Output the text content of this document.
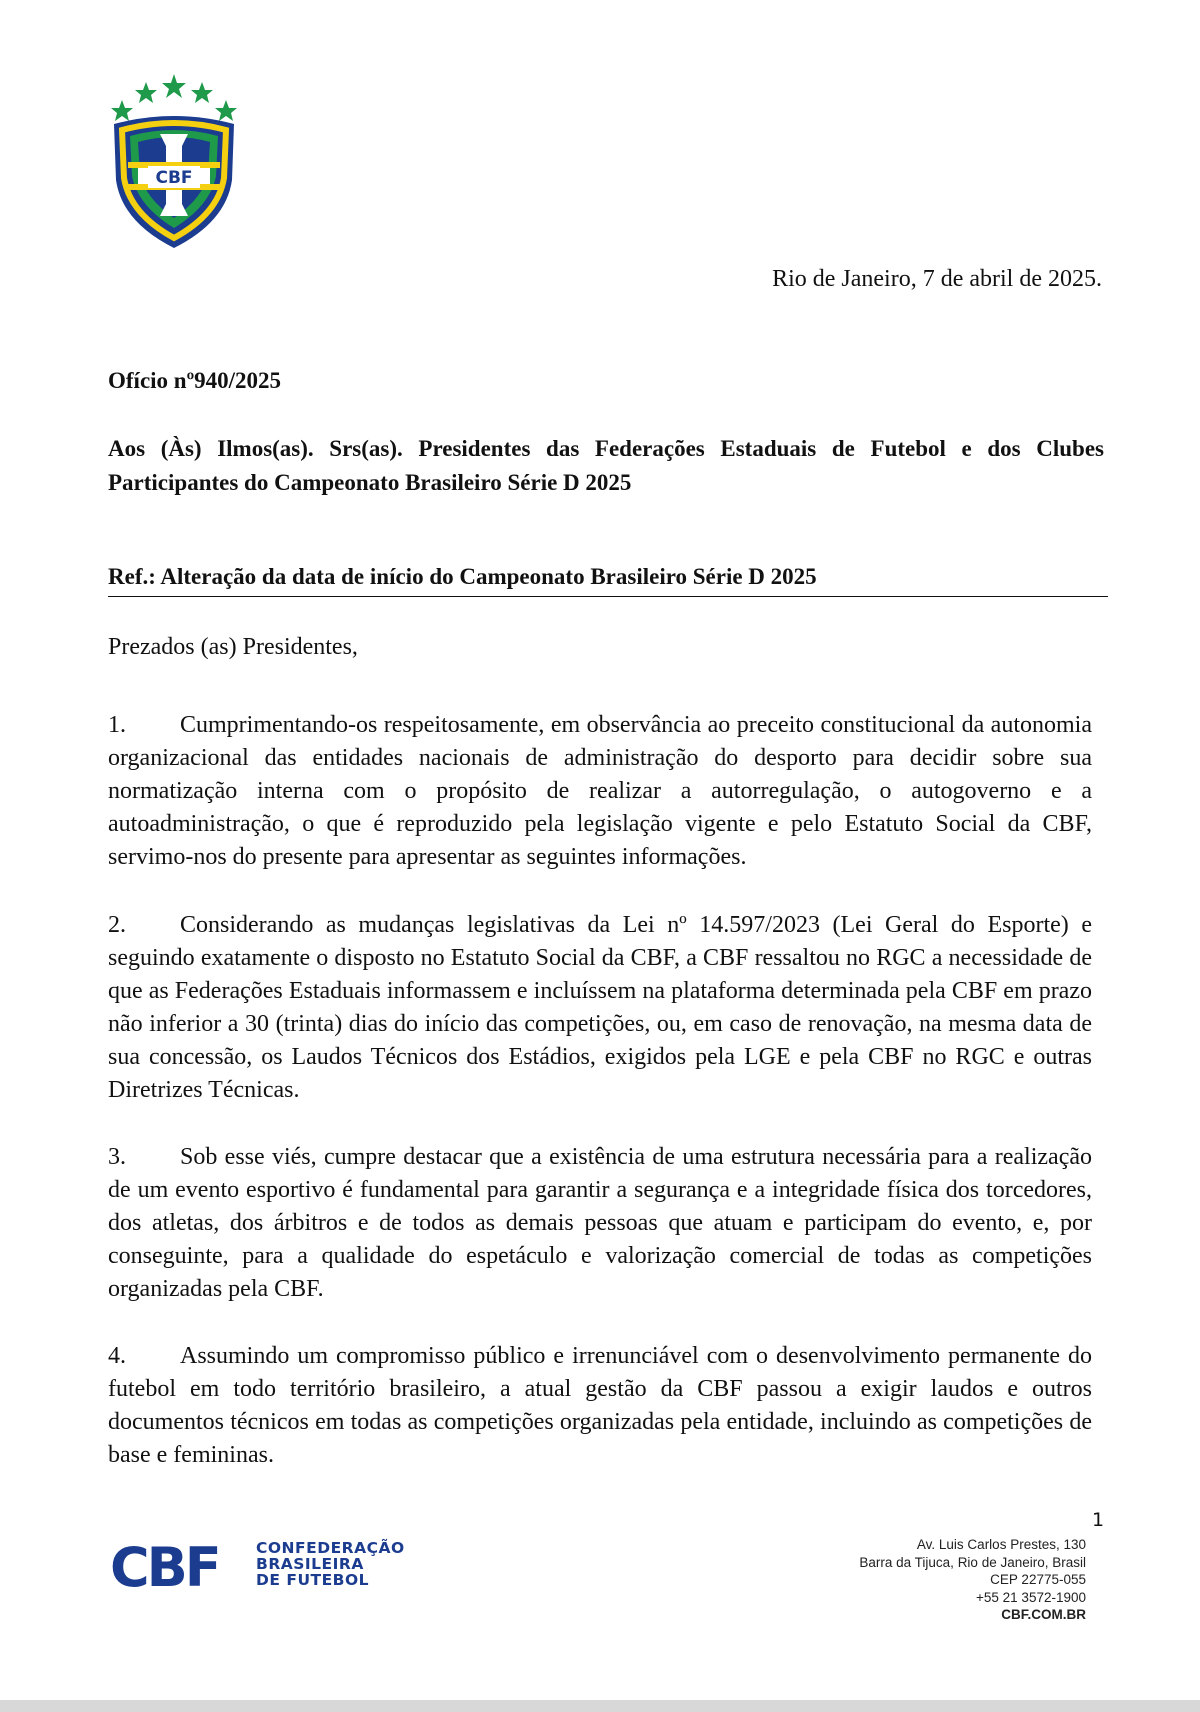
CBF
Rio de Janeiro, 7 de abril de 2025.
Ofício nº940/2025
Aos (Às) Ilmos(as). Srs(as). Presidentes das Federações Estaduais de Futebol e dos Clubes Participantes do Campeonato Brasileiro Série D 2025
Ref.: Alteração da data de início do Campeonato Brasileiro Série D 2025
Prezados (as) Presidentes,
1. Cumprimentando-os respeitosamente, em observância ao preceito constitucional da autonomia organizacional das entidades nacionais de administração do desporto para decidir sobre sua normatização interna com o propósito de realizar a autorregulação, o autogoverno e a autoadministração, o que é reproduzido pela legislação vigente e pelo Estatuto Social da CBF, servimo-nos do presente para apresentar as seguintes informações.
2. Considerando as mudanças legislativas da Lei nº 14.597/2023 (Lei Geral do Esporte) e seguindo exatamente o disposto no Estatuto Social da CBF, a CBF ressaltou no RGC a necessidade de que as Federações Estaduais informassem e incluíssem na plataforma determinada pela CBF em prazo não inferior a 30 (trinta) dias do início das competições, ou, em caso de renovação, na mesma data de sua concessão, os Laudos Técnicos dos Estádios, exigidos pela LGE e pela CBF no RGC e outras Diretrizes Técnicas.
3. Sob esse viés, cumpre destacar que a existência de uma estrutura necessária para a realização de um evento esportivo é fundamental para garantir a segurança e a integridade física dos torcedores, dos atletas, dos árbitros e de todos as demais pessoas que atuam e participam do evento, e, por conseguinte, para a qualidade do espetáculo e valorização comercial de todas as competições organizadas pela CBF.
4. Assumindo um compromisso público e irrenunciável com o desenvolvimento permanente do futebol em todo território brasileiro, a atual gestão da CBF passou a exigir laudos e outros documentos técnicos em todas as competições organizadas pela entidade, incluindo as competições de base e femininas.
1
CBF CONFEDERAÇÃO
BRASILEIRA
DE FUTEBOL
Av. Luis Carlos Prestes, 130
Barra da Tijuca, Rio de Janeiro, Brasil
CEP 22775-055
+55 21 3572-1900
CBF.COM.BR
